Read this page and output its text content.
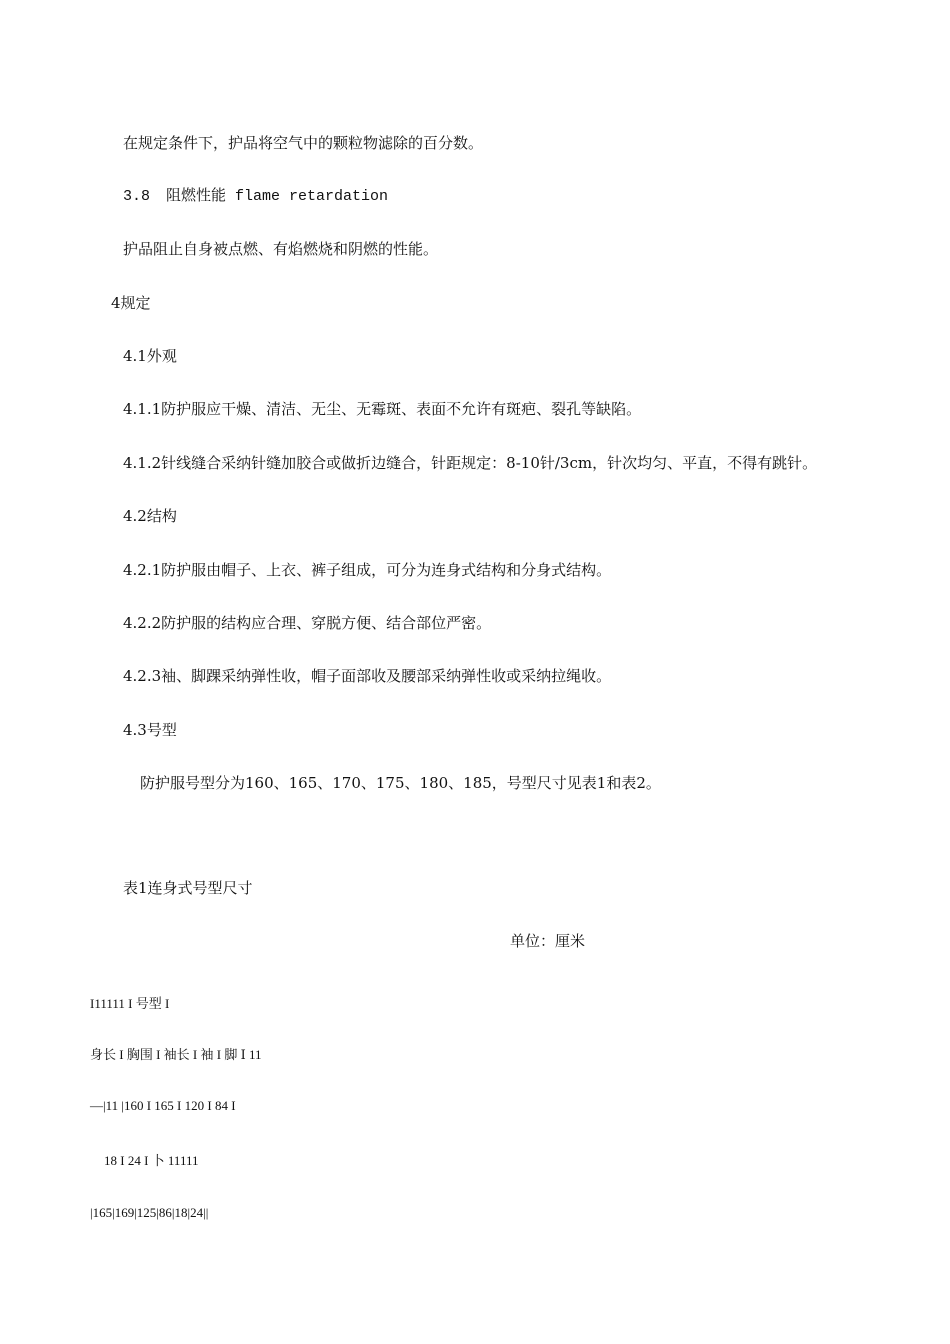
在规定条件下，护品将空气中的颗粒物滤除的百分数。
3.8 阻燃性能 flame retardation
护品阻止自身被点燃、有焰燃烧和阴燃的性能。
4规定
4.1外观
4.1.1防护服应干燥、清洁、无尘、无霉斑、表面不允许有斑疤、裂孔等缺陷。
4.1.2针线缝合采纳针缝加胶合或做折边缝合，针距规定：8-10针/3cm，针次均匀、平直，不得有跳针。
4.2结构
4.2.1防护服由帽子、上衣、裤子组成，可分为连身式结构和分身式结构。
4.2.2防护服的结构应合理、穿脱方便、结合部位严密。
4.2.3袖、脚踝采纳弹性收，帽子面部收及腰部采纳弹性收或采纳拉绳收。
4.3号型
防护服号型分为160、165、170、175、180、185，号型尺寸见表1和表2。
表1连身式号型尺寸
单位：厘米
I11111 I 号型 I
身长 I 胸围 I 袖长 I 袖 I 脚 Ⅰ 11
—|11 |160 I 165 I 120 I 84 I
18 I 24 I 卜 11111
|165|169|125|86|18|24||
